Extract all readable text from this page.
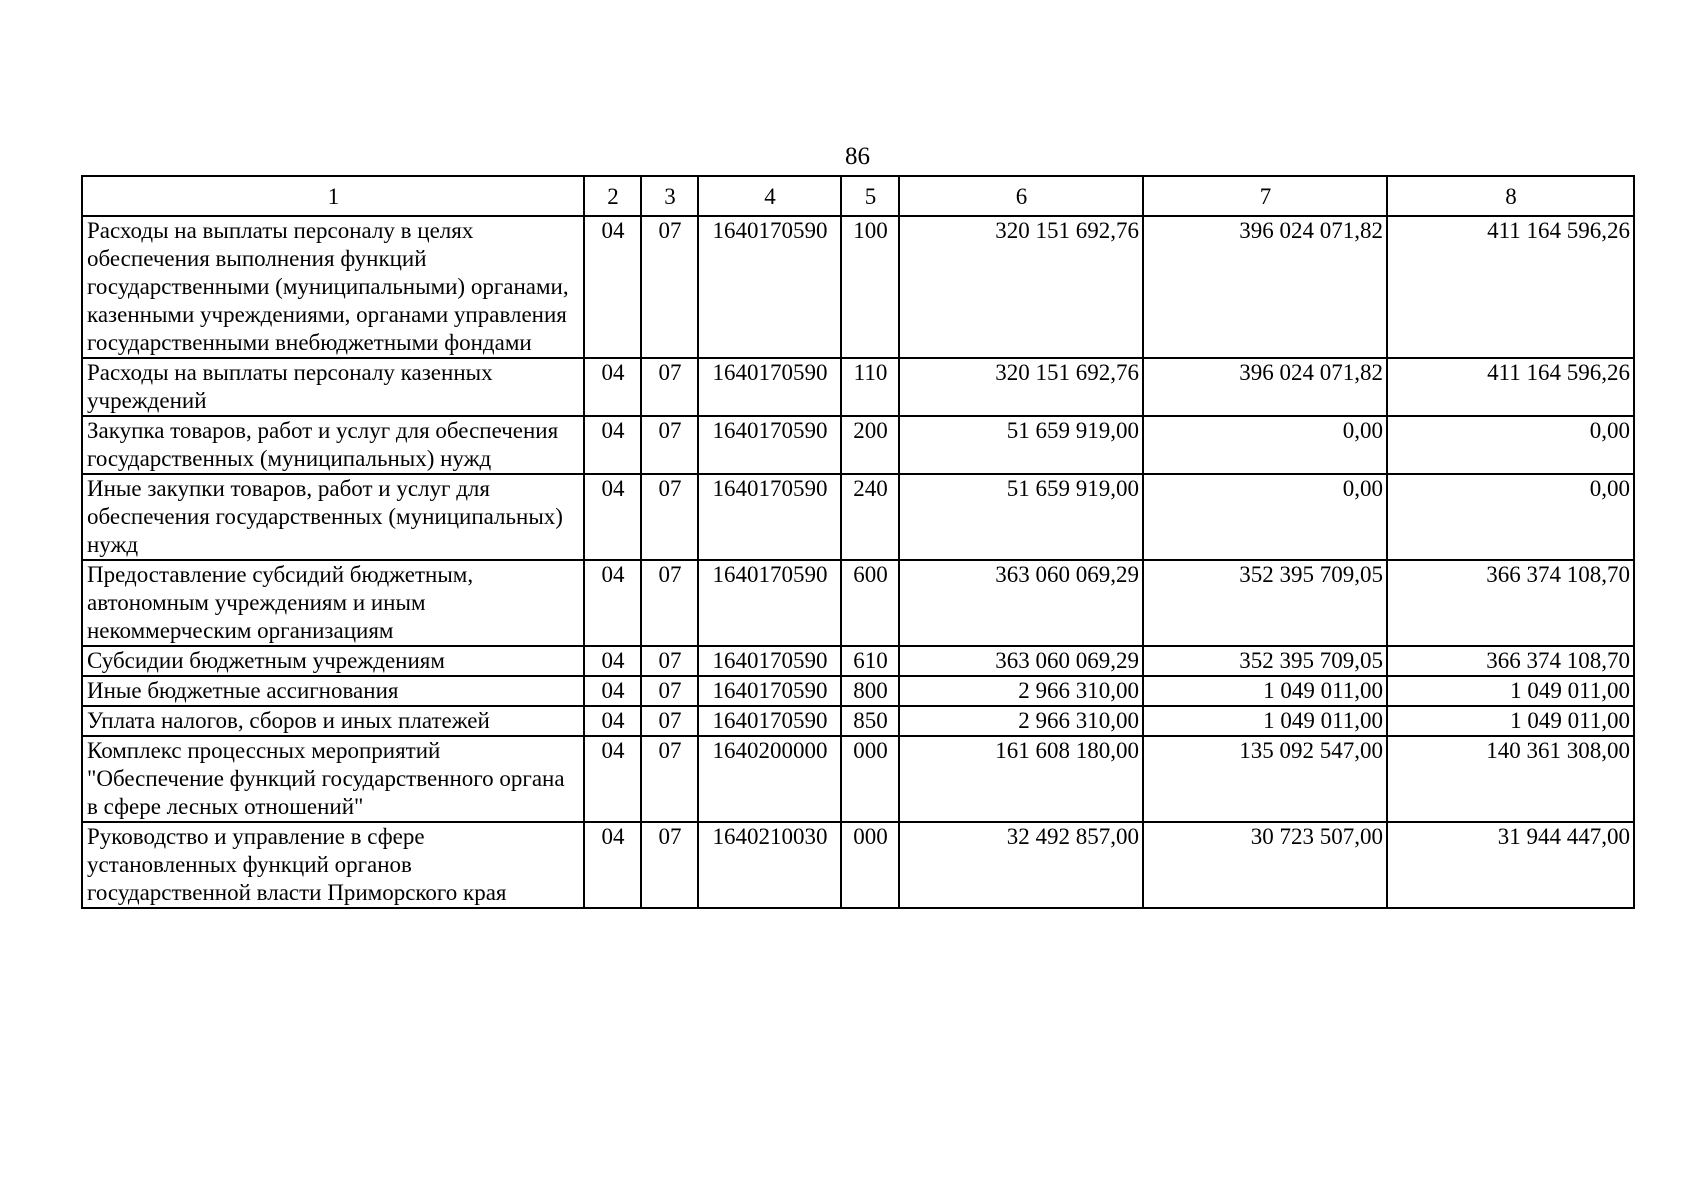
86
1	2	3	4	5	6	7	8
Расходы на выплаты персоналу в целях обеспечения выполнения функций государственными (муниципальными) органами, казенными учреждениями, органами управления государственными внебюджетными фондами	04	07	1640170590	100	320 151 692,76	396 024 071,82	411 164 596,26
Расходы на выплаты персоналу казенных учреждений	04	07	1640170590	110	320 151 692,76	396 024 071,82	411 164 596,26
Закупка товаров, работ и услуг для обеспечения государственных (муниципальных) нужд	04	07	1640170590	200	51 659 919,00	0,00	0,00
Иные закупки товаров, работ и услуг для обеспечения государственных (муниципальных) нужд	04	07	1640170590	240	51 659 919,00	0,00	0,00
Предоставление субсидий бюджетным, автономным учреждениям и иным некоммерческим организациям	04	07	1640170590	600	363 060 069,29	352 395 709,05	366 374 108,70
Субсидии бюджетным учреждениям	04	07	1640170590	610	363 060 069,29	352 395 709,05	366 374 108,70
Иные бюджетные ассигнования	04	07	1640170590	800	2 966 310,00	1 049 011,00	1 049 011,00
Уплата налогов, сборов и иных платежей	04	07	1640170590	850	2 966 310,00	1 049 011,00	1 049 011,00
Комплекс процессных мероприятий "Обеспечение функций государственного органа в сфере лесных отношений"	04	07	1640200000	000	161 608 180,00	135 092 547,00	140 361 308,00
Руководство и управление в сфере установленных функций органов государственной власти Приморского края	04	07	1640210030	000	32 492 857,00	30 723 507,00	31 944 447,00
